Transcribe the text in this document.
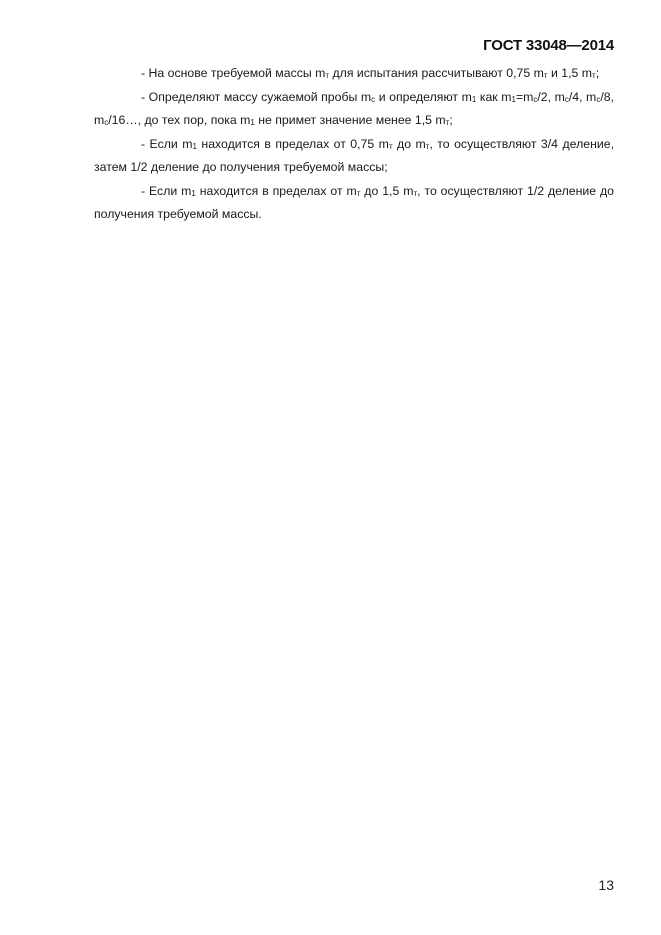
ГОСТ 33048—2014

- На основе требуемой массы mт для испытания рассчитывают 0,75 mт и 1,5 mт;

- Определяют массу сужаемой пробы mс и определяют m1 как m1=mс/2, mс/4, mс/8, mс/16…, до тех пор, пока m1 не примет значение менее 1,5 mт;

- Если m1 находится в пределах от 0,75 mт до mт, то осуществляют 3/4 деление, затем 1/2 деление до получения требуемой массы;

- Если m1 находится в пределах от mт до 1,5 mт, то осуществляют 1/2 деление до получения требуемой массы.

13
